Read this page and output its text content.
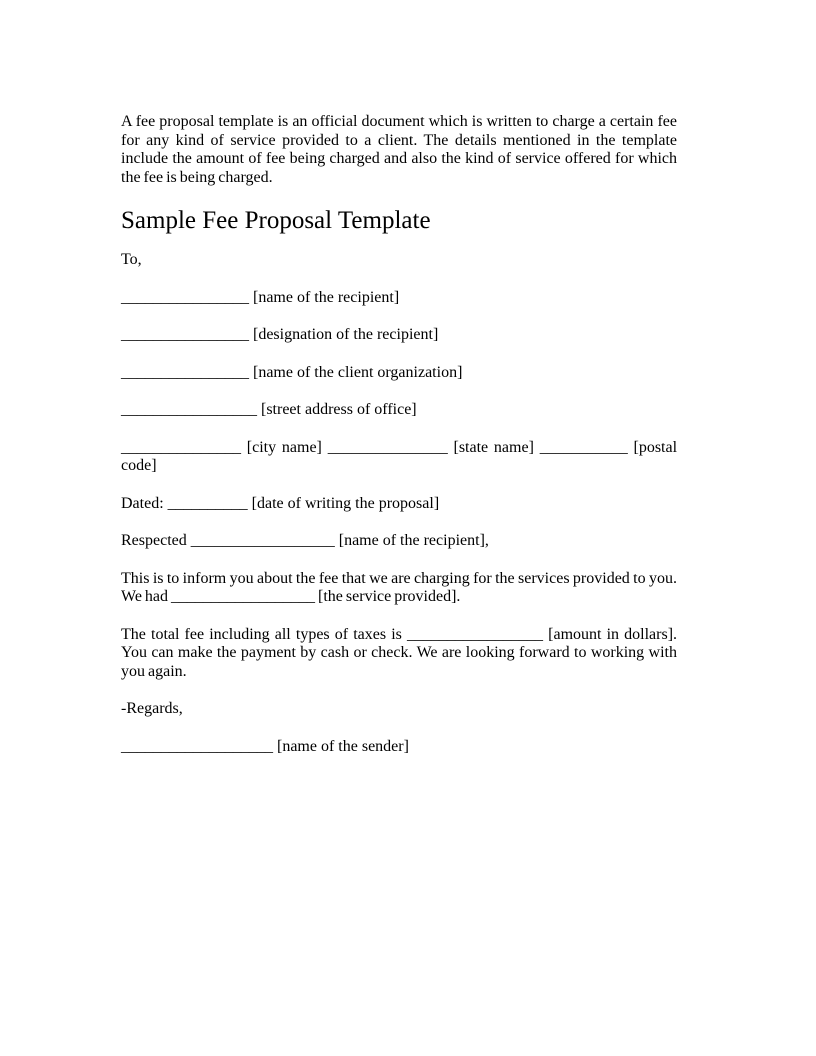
A fee proposal template is an official document which is written to charge a certain fee for any kind of service provided to a client. The details mentioned in the template include the amount of fee being charged and also the kind of service offered for which the fee is being charged.

Sample Fee Proposal Template

To,

________________ [name of the recipient]

________________ [designation of the recipient]

________________ [name of the client organization]

_________________ [street address of office]

_______________ [city name] _______________ [state name] ___________ [postal code]

Dated: __________ [date of writing the proposal]

Respected __________________ [name of the recipient],

This is to inform you about the fee that we are charging for the services provided to you. We had __________________ [the service provided].

The total fee including all types of taxes is _________________ [amount in dollars]. You can make the payment by cash or check. We are looking forward to working with you again.

-Regards,

___________________ [name of the sender]
